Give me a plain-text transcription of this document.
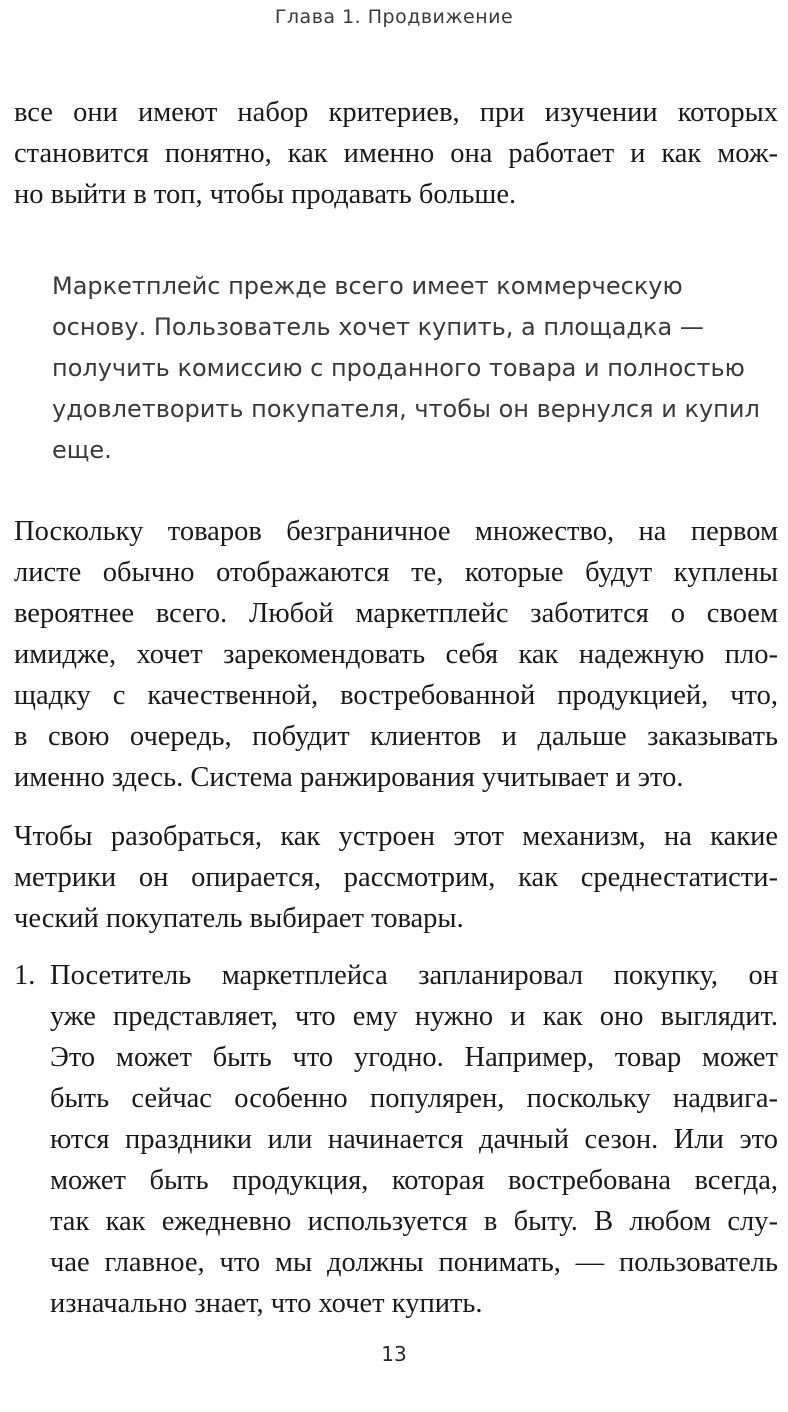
Глава 1. Продвижение

все они имеют набор критериев, при изучении которых
становится понятно, как именно она работает и как мож-
но выйти в топ, чтобы продавать больше.

Маркетплейс прежде всего имеет коммерческую
основу. Пользователь хочет купить, а площадка —
получить комиссию с проданного товара и полностью
удовлетворить покупателя, чтобы он вернулся и купил
еще.

Поскольку товаров безграничное множество, на первом
листе обычно отображаются те, которые будут куплены
вероятнее всего. Любой маркетплейс заботится о своем
имидже, хочет зарекомендовать себя как надежную пло-
щадку с качественной, востребованной продукцией, что,
в свою очередь, побудит клиентов и дальше заказывать
именно здесь. Система ранжирования учитывает и это.

Чтобы разобраться, как устроен этот механизм, на какие
метрики он опирается, рассмотрим, как среднестатисти-
ческий покупатель выбирает товары.

1. Посетитель маркетплейса запланировал покупку, он
уже представляет, что ему нужно и как оно выглядит.
Это может быть что угодно. Например, товар может
быть сейчас особенно популярен, поскольку надвига-
ются праздники или начинается дачный сезон. Или это
может быть продукция, которая востребована всегда,
так как ежедневно используется в быту. В любом слу-
чае главное, что мы должны понимать, — пользователь
изначально знает, что хочет купить.
13
